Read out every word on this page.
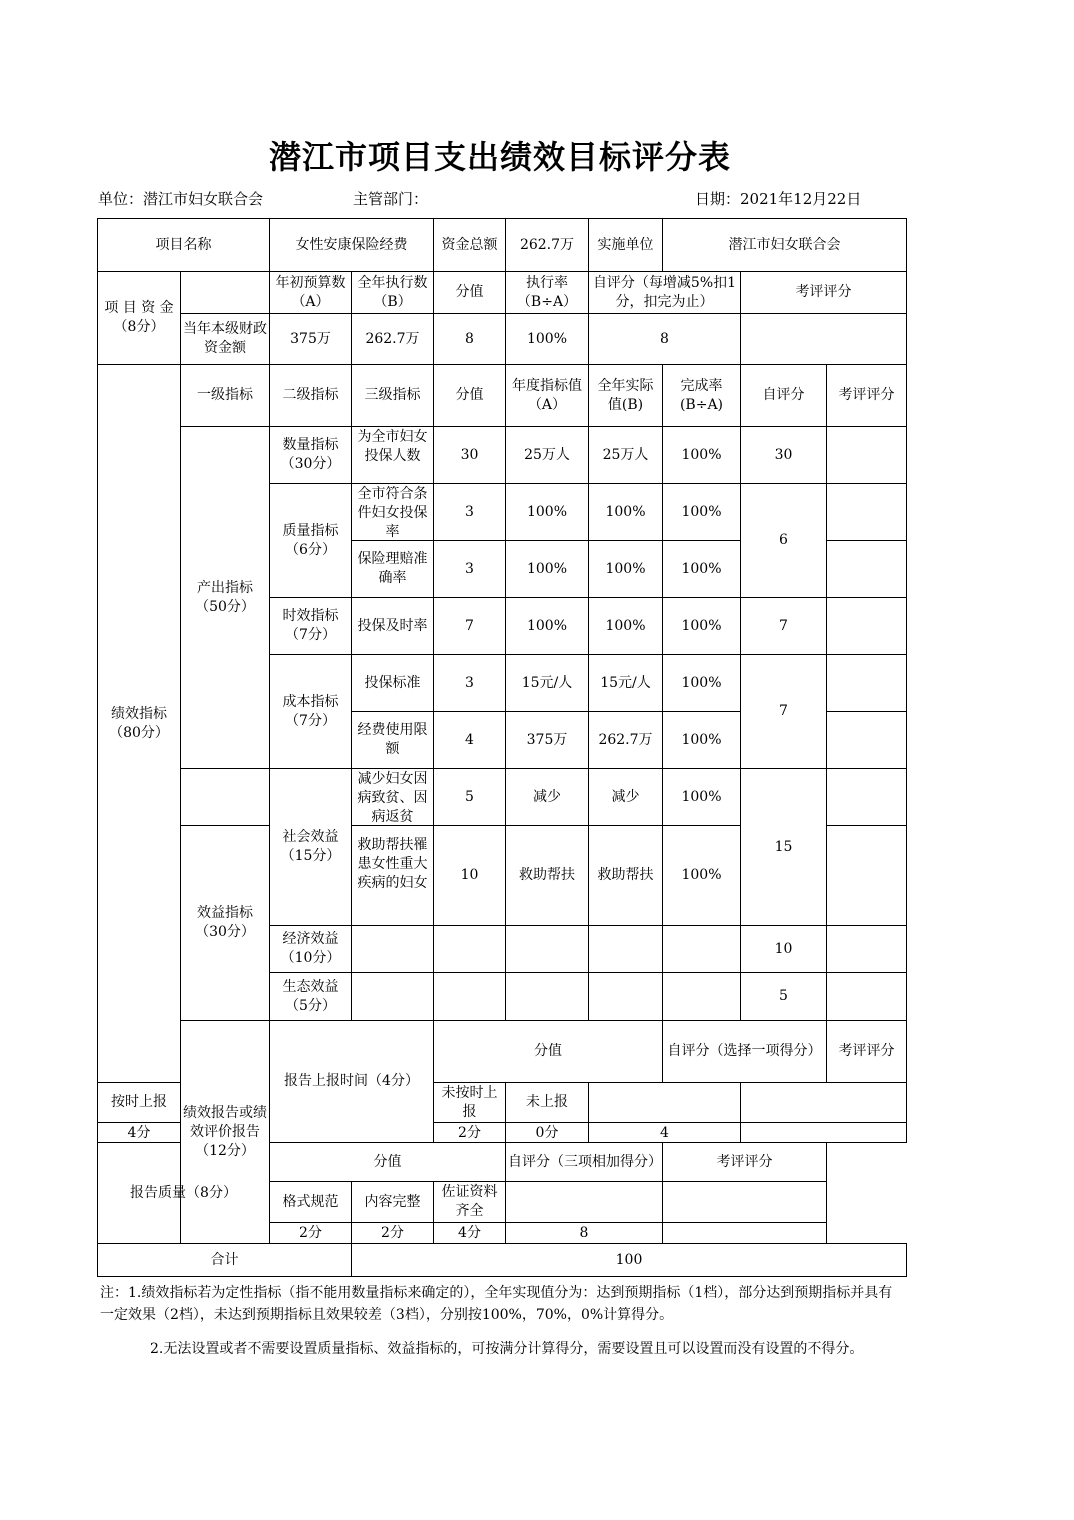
潜江市项目支出绩效目标评分表
单位：潜江市妇女联合会	主管部门：	日期：2021年12月22日
项目名称		女性安康保险经费		资金总额	262.7万	实施单位	潜江市妇女联合会		
项 目 资 金（8分）		年初预算数（A）	全年执行数（B）	分值	执行率（B÷A）	自评分（每增减5%扣1分，扣完为止）		考评评分	
	当年本级财政资金额	375万	262.7万	8	100%	8			
绩效指标（80分）	一级指标	二级指标	三级指标	分值	年度指标值（A）	全年实际值(B)	完成率(B÷A)	自评分	考评评分
	产出指标（50分）	数量指标（30分）	为全市妇女投保人数	30	25万人	25万人	100%	30	
		质量指标（6分）	全市符合条件妇女投保率	3	100%	100%	100%	6	
			保险理赔准确率	3	100%	100%	100%		
		时效指标（7分）	投保及时率	7	100%	100%	100%	7	
		成本指标（7分）	投保标准	3	15元/人	15元/人	100%	7	
			经费使用限额	4	375万	262.7万	100%		
		社会效益（15分）	减少妇女因病致贫、因病返贫	5	减少	减少	100%	15	
	效益指标（30分）		救助帮扶罹患女性重大疾病的妇女	10	救助帮扶	救助帮扶	100%		
		经济效益（10分）						10	
		生态效益（5分）						5	
	绩效报告或绩效评价报告（12分）	报告上报时间（4分）		分值			自评分（选择一项得分）		考评评分
按时上报				未按时上报	未上报				
4分				2分	0分	4			
报告质量（8分）		分值			自评分（三项相加得分）		考评评分		
		格式规范	内容完整	佐证资料齐全					
		2分	2分	4分	8				
合计			100						
注：1.绩效指标若为定性指标（指不能用数量指标来确定的），全年实现值分为：达到预期指标（1档），部分达到预期指标并具有一定效果（2档），未达到预期指标且效果较差（3档），分别按100%，70%，0%计算得分。
2.无法设置或者不需要设置质量指标、效益指标的，可按满分计算得分，需要设置且可以设置而没有设置的不得分。
